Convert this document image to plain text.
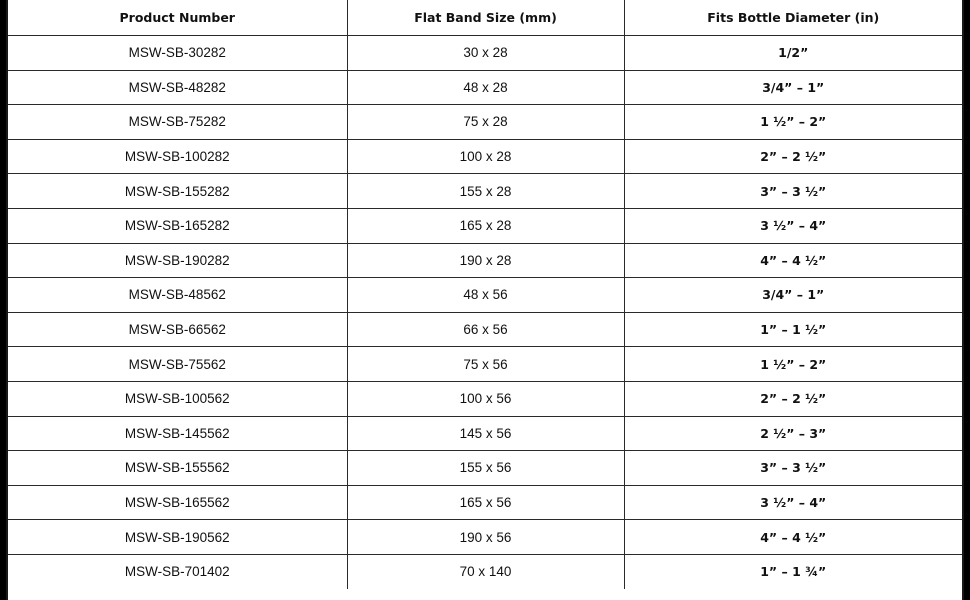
Product Number	Flat Band Size (mm)	Fits Bottle Diameter (in)
MSW-SB-30282	30 x 28	1/2”
MSW-SB-48282	48 x 28	3/4” – 1”
MSW-SB-75282	75 x 28	1 ½” – 2”
MSW-SB-100282	100 x 28	2” – 2 ½”
MSW-SB-155282	155 x 28	3” – 3 ½”
MSW-SB-165282	165 x 28	3 ½” – 4”
MSW-SB-190282	190 x 28	4” – 4 ½”
MSW-SB-48562	48 x 56	3/4” – 1”
MSW-SB-66562	66 x 56	1” – 1 ½”
MSW-SB-75562	75 x 56	1 ½” – 2”
MSW-SB-100562	100 x 56	2” – 2 ½”
MSW-SB-145562	145 x 56	2 ½” – 3”
MSW-SB-155562	155 x 56	3” – 3 ½”
MSW-SB-165562	165 x 56	3 ½” – 4”
MSW-SB-190562	190 x 56	4” – 4 ½”
MSW-SB-701402	70 x 140	1” – 1 ¾”
